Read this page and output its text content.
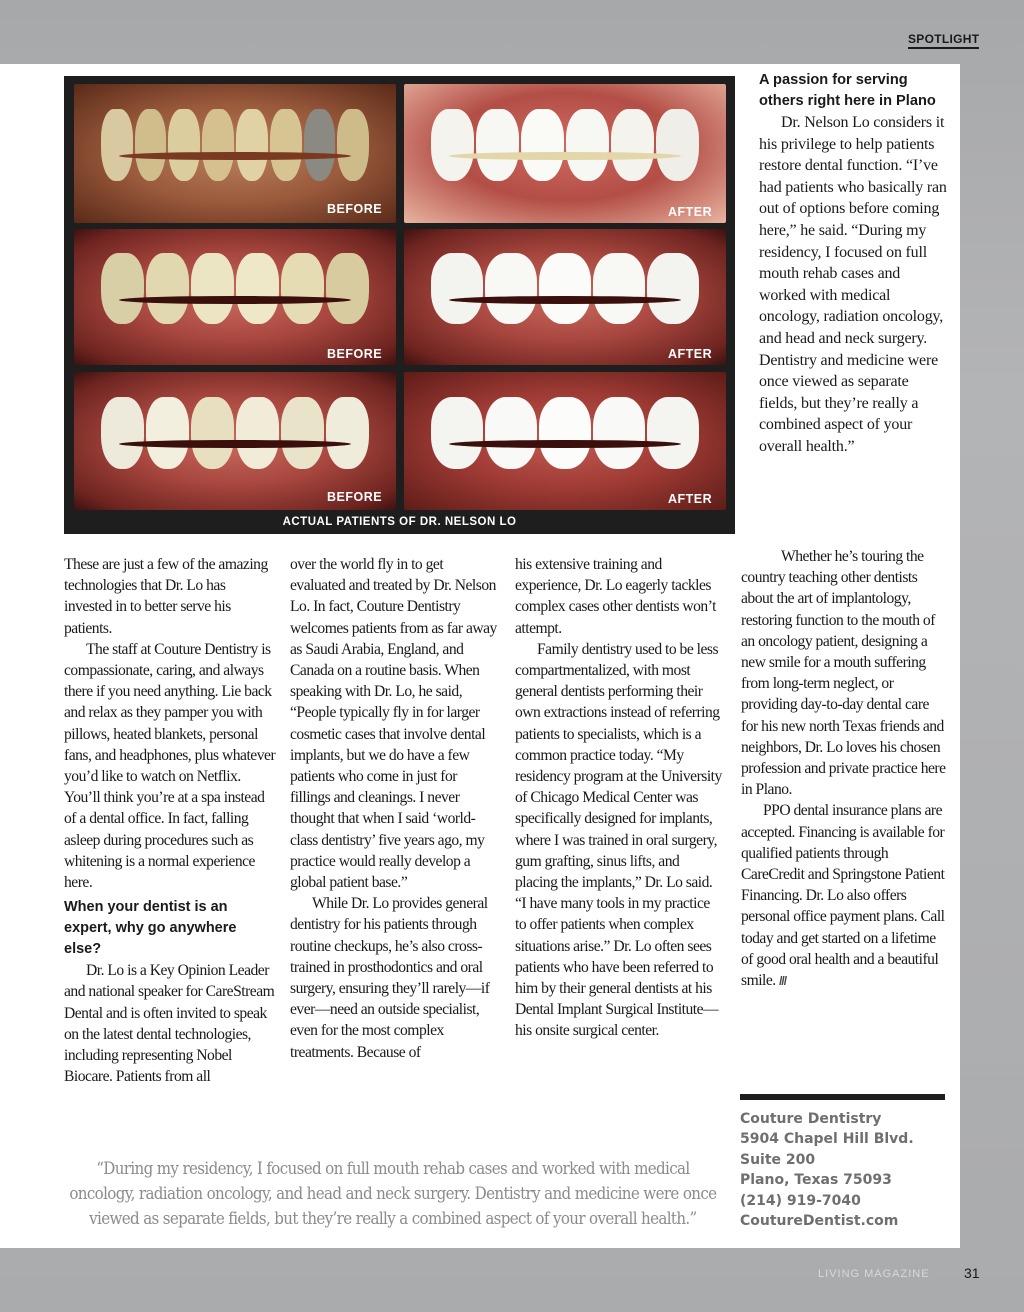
SPOTLIGHT
BEFORE	AFTER
BEFORE	AFTER
BEFORE	AFTER
ACTUAL PATIENTS OF DR. NELSON LO

These are just a few of the amazing technologies that Dr. Lo has invested in to better serve his patients.

The staff at Couture Dentistry is compassionate, caring, and always there if you need anything. Lie back and relax as they pamper you with pillows, heated blankets, personal fans, and headphones, plus whatever you’d like to watch on Netflix. You’ll think you’re at a spa instead of a dental office. In fact, falling asleep during procedures such as whitening is a normal experience here.

When your dentist is an expert, why go anywhere else?

Dr. Lo is a Key Opinion Leader and national speaker for CareStream Dental and is often invited to speak on the latest dental technologies, including representing Nobel Biocare. Patients from all

over the world fly in to get evaluated and treated by Dr. Nelson Lo. In fact, Couture Dentistry welcomes patients from as far away as Saudi Arabia, England, and Canada on a routine basis. When speaking with Dr. Lo, he said, “People typically fly in for larger cosmetic cases that involve dental implants, but we do have a few patients who come in just for fillings and cleanings. I never thought that when I said ‘world-class dentistry’ five years ago, my practice would really develop a global patient base.”

While Dr. Lo provides general dentistry for his patients through routine checkups, he’s also cross-trained in prosthodontics and oral surgery, ensuring they’ll rarely—if ever—need an outside specialist, even for the most complex treatments. Because of

his extensive training and experience, Dr. Lo eagerly tackles complex cases other dentists won’t attempt.

Family dentistry used to be less compartmentalized, with most general dentists performing their own extractions instead of referring patients to specialists, which is a common practice today. “My residency program at the University of Chicago Medical Center was specifically designed for implants, where I was trained in oral surgery, gum grafting, sinus lifts, and placing the implants,” Dr. Lo said. “I have many tools in my practice to offer patients when complex situations arise.” Dr. Lo often sees patients who have been referred to him by their general dentists at his Dental Implant Surgical Institute—his onsite surgical center.

A passion for serving others right here in Plano

Dr. Nelson Lo considers it his privilege to help patients restore dental function. “I’ve had patients who basically ran out of options before coming here,” he said. “During my residency, I focused on full mouth rehab cases and worked with medical oncology, radiation oncology, and head and neck surgery. Dentistry and medicine were once viewed as separate fields, but they’re really a combined aspect of your overall health.”

Whether he’s touring the country teaching other dentists about the art of implantology, restoring function to the mouth of an oncology patient, designing a new smile for a mouth suffering from long-term neglect, or providing day-to-day dental care for his new north Texas friends and neighbors, Dr. Lo loves his chosen profession and private practice here in Plano.

PPO dental insurance plans are accepted. Financing is available for qualified patients through CareCredit and Springstone Patient Financing. Dr. Lo also offers personal office payment plans. Call today and get started on a lifetime of good oral health and a beautiful smile. ///

Couture Dentistry
5904 Chapel Hill Blvd.
Suite 200
Plano, Texas 75093
(214) 919-7040
CoutureDentist.com
“During my residency, I focused on full mouth rehab cases and worked with medical oncology, radiation oncology, and head and neck surgery. Dentistry and medicine were once viewed as separate fields, but they’re really a combined aspect of your overall health.”
LIVING MAGAZINE 31
